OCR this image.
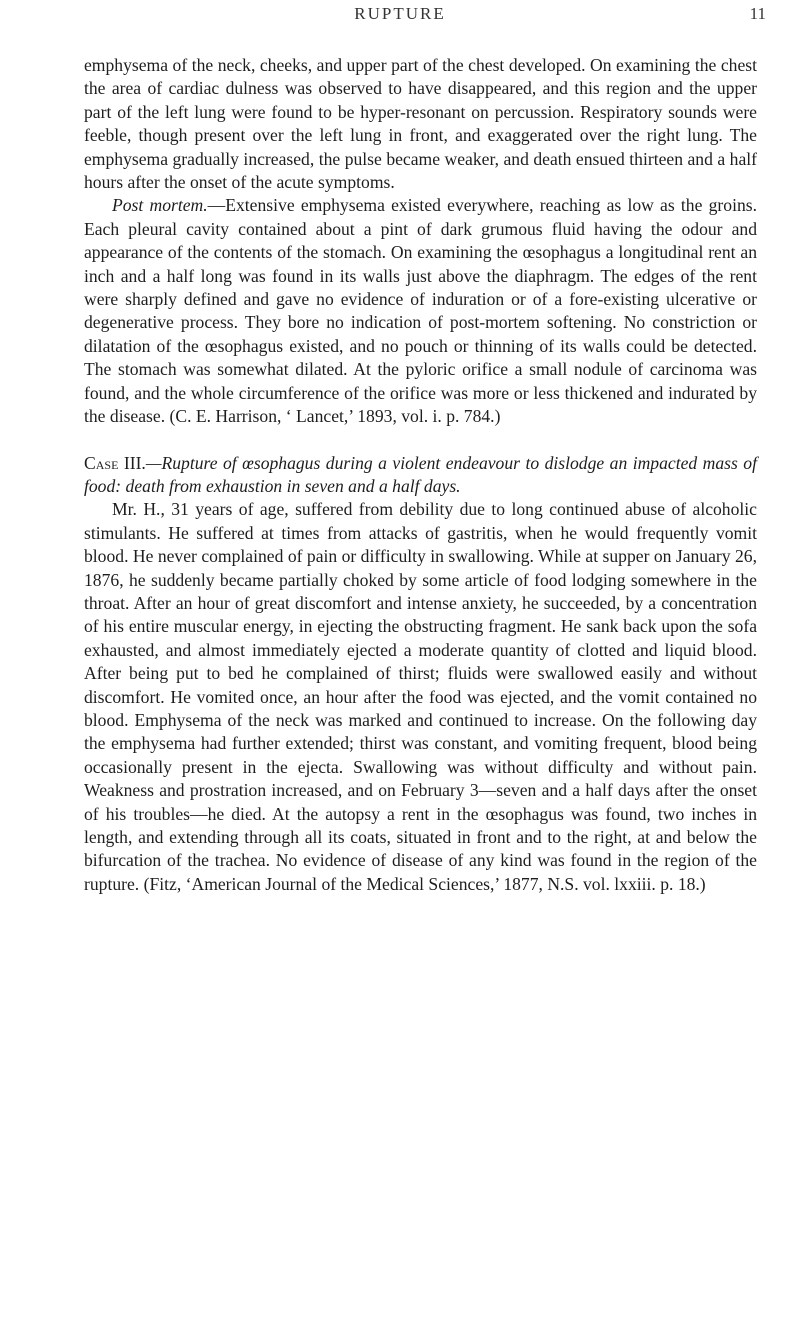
RUPTURE	11

emphysema of the neck, cheeks, and upper part of the chest developed. On examining the chest the area of cardiac dulness was observed to have disappeared, and this region and the upper part of the left lung were found to be hyper-resonant on percussion. Respiratory sounds were feeble, though present over the left lung in front, and exaggerated over the right lung. The emphysema gradually increased, the pulse became weaker, and death ensued thirteen and a half hours after the onset of the acute symptoms.

Post mortem.—Extensive emphysema existed everywhere, reaching as low as the groins. Each pleural cavity contained about a pint of dark grumous fluid having the odour and appearance of the contents of the stomach. On examining the œsophagus a longitudinal rent an inch and a half long was found in its walls just above the diaphragm. The edges of the rent were sharply defined and gave no evidence of induration or of a fore-existing ulcerative or degenerative process. They bore no indication of post-mortem softening. No constriction or dilatation of the œsophagus existed, and no pouch or thinning of its walls could be detected. The stomach was somewhat dilated. At the pyloric orifice a small nodule of carcinoma was found, and the whole circumference of the orifice was more or less thickened and indurated by the disease. (C. E. Harrison, ‘ Lancet,’ 1893, vol. i. p. 784.)

Case III.—Rupture of œsophagus during a violent endeavour to dislodge an impacted mass of food: death from exhaustion in seven and a half days.

Mr. H., 31 years of age, suffered from debility due to long continued abuse of alcoholic stimulants. He suffered at times from attacks of gastritis, when he would frequently vomit blood. He never complained of pain or difficulty in swallowing. While at supper on January 26, 1876, he suddenly became partially choked by some article of food lodging somewhere in the throat. After an hour of great discomfort and intense anxiety, he succeeded, by a concentration of his entire muscular energy, in ejecting the obstructing fragment. He sank back upon the sofa exhausted, and almost immediately ejected a moderate quantity of clotted and liquid blood. After being put to bed he complained of thirst; fluids were swallowed easily and without discomfort. He vomited once, an hour after the food was ejected, and the vomit contained no blood. Emphysema of the neck was marked and continued to increase. On the following day the emphysema had further extended; thirst was constant, and vomiting frequent, blood being occasionally present in the ejecta. Swallowing was without difficulty and without pain. Weakness and prostration increased, and on February 3—seven and a half days after the onset of his troubles—he died. At the autopsy a rent in the œsophagus was found, two inches in length, and extending through all its coats, situated in front and to the right, at and below the bifurcation of the trachea. No evidence of disease of any kind was found in the region of the rupture. (Fitz, ‘American Journal of the Medical Sciences,’ 1877, N.S. vol. lxxiii. p. 18.)
